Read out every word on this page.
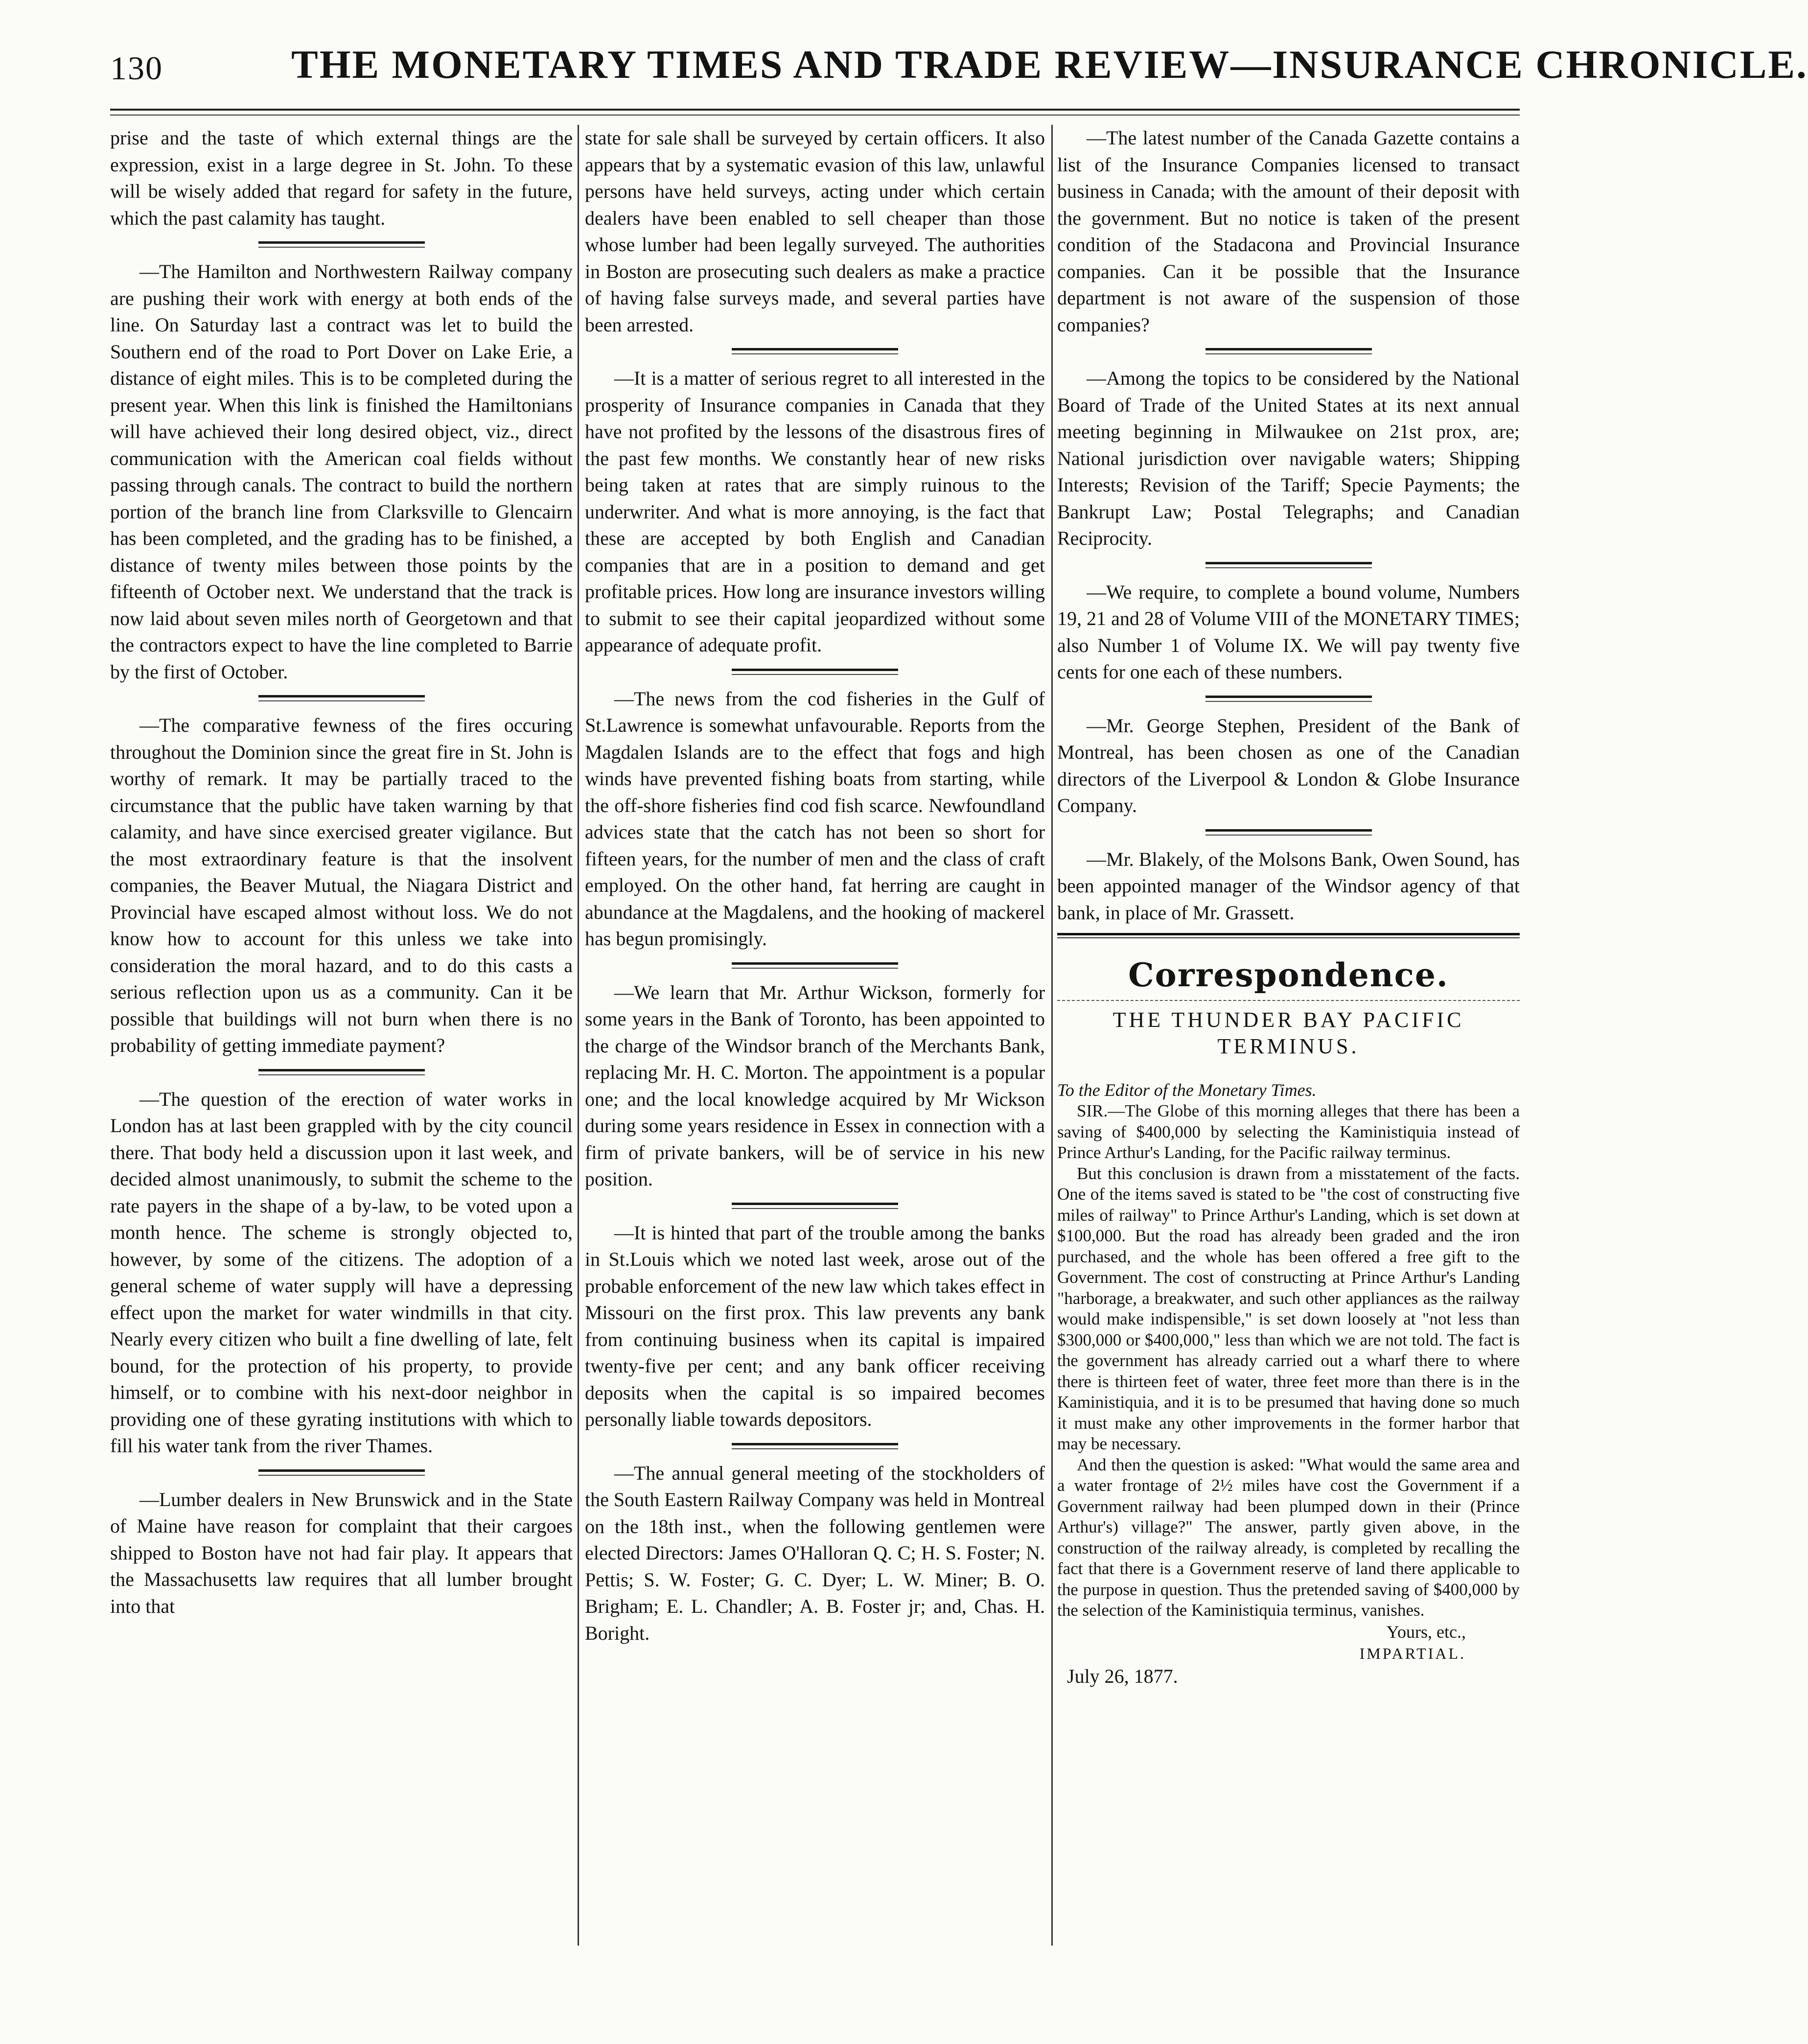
130	THE MONETARY TIMES AND TRADE REVIEW—INSURANCE CHRONICLE.

prise and the taste of which external things are the expression, exist in a large degree in St. John. To these will be wisely added that regard for safety in the future, which the past calamity has taught.

—The Hamilton and Northwestern Railway company are pushing their work with energy at both ends of the line. On Saturday last a contract was let to build the Southern end of the road to Port Dover on Lake Erie, a distance of eight miles. This is to be completed during the present year. When this link is finished the Hamiltonians will have achieved their long desired object, viz., direct communication with the American coal fields without passing through canals. The contract to build the northern portion of the branch line from Clarksville to Glencairn has been completed, and the grading has to be finished, a distance of twenty miles between those points by the fifteenth of October next. We understand that the track is now laid about seven miles north of Georgetown and that the contractors expect to have the line completed to Barrie by the first of October.

—The comparative fewness of the fires occuring throughout the Dominion since the great fire in St. John is worthy of remark. It may be partially traced to the circumstance that the public have taken warning by that calamity, and have since exercised greater vigilance. But the most extraordinary feature is that the insolvent companies, the Beaver Mutual, the Niagara District and Provincial have escaped almost without loss. We do not know how to account for this unless we take into consideration the moral hazard, and to do this casts a serious reflection upon us as a community. Can it be possible that buildings will not burn when there is no probability of getting immediate payment?

—The question of the erection of water works in London has at last been grappled with by the city council there. That body held a discussion upon it last week, and decided almost unanimously, to submit the scheme to the rate payers in the shape of a by-law, to be voted upon a month hence. The scheme is strongly objected to, however, by some of the citizens. The adoption of a general scheme of water supply will have a depressing effect upon the market for water windmills in that city. Nearly every citizen who built a fine dwelling of late, felt bound, for the protection of his property, to provide himself, or to combine with his next-door neighbor in providing one of these gyrating institutions with which to fill his water tank from the river Thames.

—Lumber dealers in New Brunswick and in the State of Maine have reason for complaint that their cargoes shipped to Boston have not had fair play. It appears that the Massachusetts law requires that all lumber brought into that

state for sale shall be surveyed by certain officers. It also appears that by a systematic evasion of this law, unlawful persons have held surveys, acting under which certain dealers have been enabled to sell cheaper than those whose lumber had been legally surveyed. The authorities in Boston are prosecuting such dealers as make a practice of having false surveys made, and several parties have been arrested.

—It is a matter of serious regret to all interested in the prosperity of Insurance companies in Canada that they have not profited by the lessons of the disastrous fires of the past few months. We constantly hear of new risks being taken at rates that are simply ruinous to the underwriter. And what is more annoying, is the fact that these are accepted by both English and Canadian companies that are in a position to demand and get profitable prices. How long are insurance investors willing to submit to see their capital jeopardized without some appearance of adequate profit.

—The news from the cod fisheries in the Gulf of St.Lawrence is somewhat unfavourable. Reports from the Magdalen Islands are to the effect that fogs and high winds have prevented fishing boats from starting, while the off-shore fisheries find cod fish scarce. Newfoundland advices state that the catch has not been so short for fifteen years, for the number of men and the class of craft employed. On the other hand, fat herring are caught in abundance at the Magdalens, and the hooking of mackerel has begun promisingly.

—We learn that Mr. Arthur Wickson, formerly for some years in the Bank of Toronto, has been appointed to the charge of the Windsor branch of the Merchants Bank, replacing Mr. H. C. Morton. The appointment is a popular one; and the local knowledge acquired by Mr Wickson during some years residence in Essex in connection with a firm of private bankers, will be of service in his new position.

—It is hinted that part of the trouble among the banks in St.Louis which we noted last week, arose out of the probable enforcement of the new law which takes effect in Missouri on the first prox. This law prevents any bank from continuing business when its capital is impaired twenty-five per cent; and any bank officer receiving deposits when the capital is so impaired becomes personally liable towards depositors.

—The annual general meeting of the stockholders of the South Eastern Railway Company was held in Montreal on the 18th inst., when the following gentlemen were elected Directors: James O'Halloran Q. C; H. S. Foster; N. Pettis; S. W. Foster; G. C. Dyer; L. W. Miner; B. O. Brigham; E. L. Chandler; A. B. Foster jr; and, Chas. H. Boright.

—The latest number of the Canada Gazette contains a list of the Insurance Companies licensed to transact business in Canada; with the amount of their deposit with the government. But no notice is taken of the present condition of the Stadacona and Provincial Insurance companies. Can it be possible that the Insurance department is not aware of the suspension of those companies?

—Among the topics to be considered by the National Board of Trade of the United States at its next annual meeting beginning in Milwaukee on 21st prox, are; National jurisdiction over navigable waters; Shipping Interests; Revision of the Tariff; Specie Payments; the Bankrupt Law; Postal Telegraphs; and Canadian Reciprocity.

—We require, to complete a bound volume, Numbers 19, 21 and 28 of Volume VIII of the MONETARY TIMES; also Number 1 of Volume IX. We will pay twenty five cents for one each of these numbers.

—Mr. George Stephen, President of the Bank of Montreal, has been chosen as one of the Canadian directors of the Liverpool & London & Globe Insurance Company.

—Mr. Blakely, of the Molsons Bank, Owen Sound, has been appointed manager of the Windsor agency of that bank, in place of Mr. Grassett.

Correspondence.
THE THUNDER BAY PACIFIC TERMINUS.

To the Editor of the Monetary Times.

SIR.—The Globe of this morning alleges that there has been a saving of $400,000 by selecting the Kaministiquia instead of Prince Arthur's Landing, for the Pacific railway terminus.

But this conclusion is drawn from a misstatement of the facts. One of the items saved is stated to be "the cost of constructing five miles of railway" to Prince Arthur's Landing, which is set down at $100,000. But the road has already been graded and the iron purchased, and the whole has been offered a free gift to the Government. The cost of constructing at Prince Arthur's Landing "harborage, a breakwater, and such other appliances as the railway would make indispensible," is set down loosely at "not less than $300,000 or $400,000," less than which we are not told. The fact is the government has already carried out a wharf there to where there is thirteen feet of water, three feet more than there is in the Kaministiquia, and it is to be presumed that having done so much it must make any other improvements in the former harbor that may be necessary.

And then the question is asked: "What would the same area and a water frontage of 2½ miles have cost the Government if a Government railway had been plumped down in their (Prince Arthur's) village?" The answer, partly given above, in the construction of the railway already, is completed by recalling the fact that there is a Government reserve of land there applicable to the purpose in question. Thus the pretended saving of $400,000 by the selection of the Kaministiquia terminus, vanishes.

Yours, etc.,

IMPARTIAL.

July 26, 1877.
